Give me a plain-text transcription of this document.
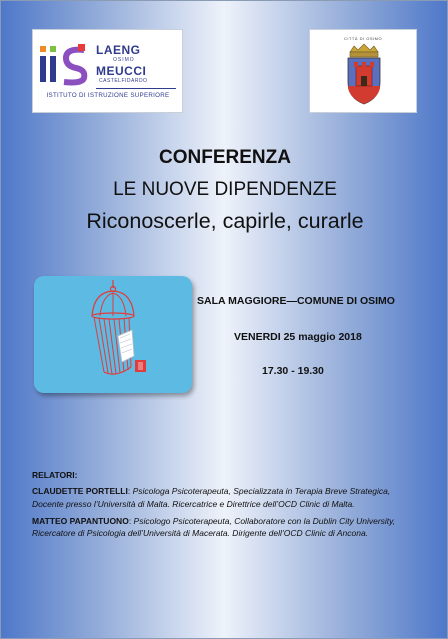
LAENG
OSIMO
MEUCCI
CASTELFIDARDO
ISTITUTO DI ISTRUZIONE SUPERIORE
CITTÀ DI OSIMO
CONFERENZA
LE NUOVE DIPENDENZE
Riconoscerle, capirle, curarle
SALA MAGGIORE—COMUNE DI OSIMO
VENERDI 25 maggio 2018
17.30 - 19.30
RELATORI:

CLAUDETTE PORTELLI: Psicologa Psicoterapeuta, Specializzata in Terapia Breve Strategica, Docente presso l’Università di Malta. Ricercatrice e Direttrice dell’OCD Clinic di Malta.

MATTEO PAPANTUONO: Psicologo Psicoterapeuta, Collaboratore con la Dublin City University, Ricercatore di Psicologia dell’Università di Macerata. Dirigente dell’OCD Clinic di Ancona.
